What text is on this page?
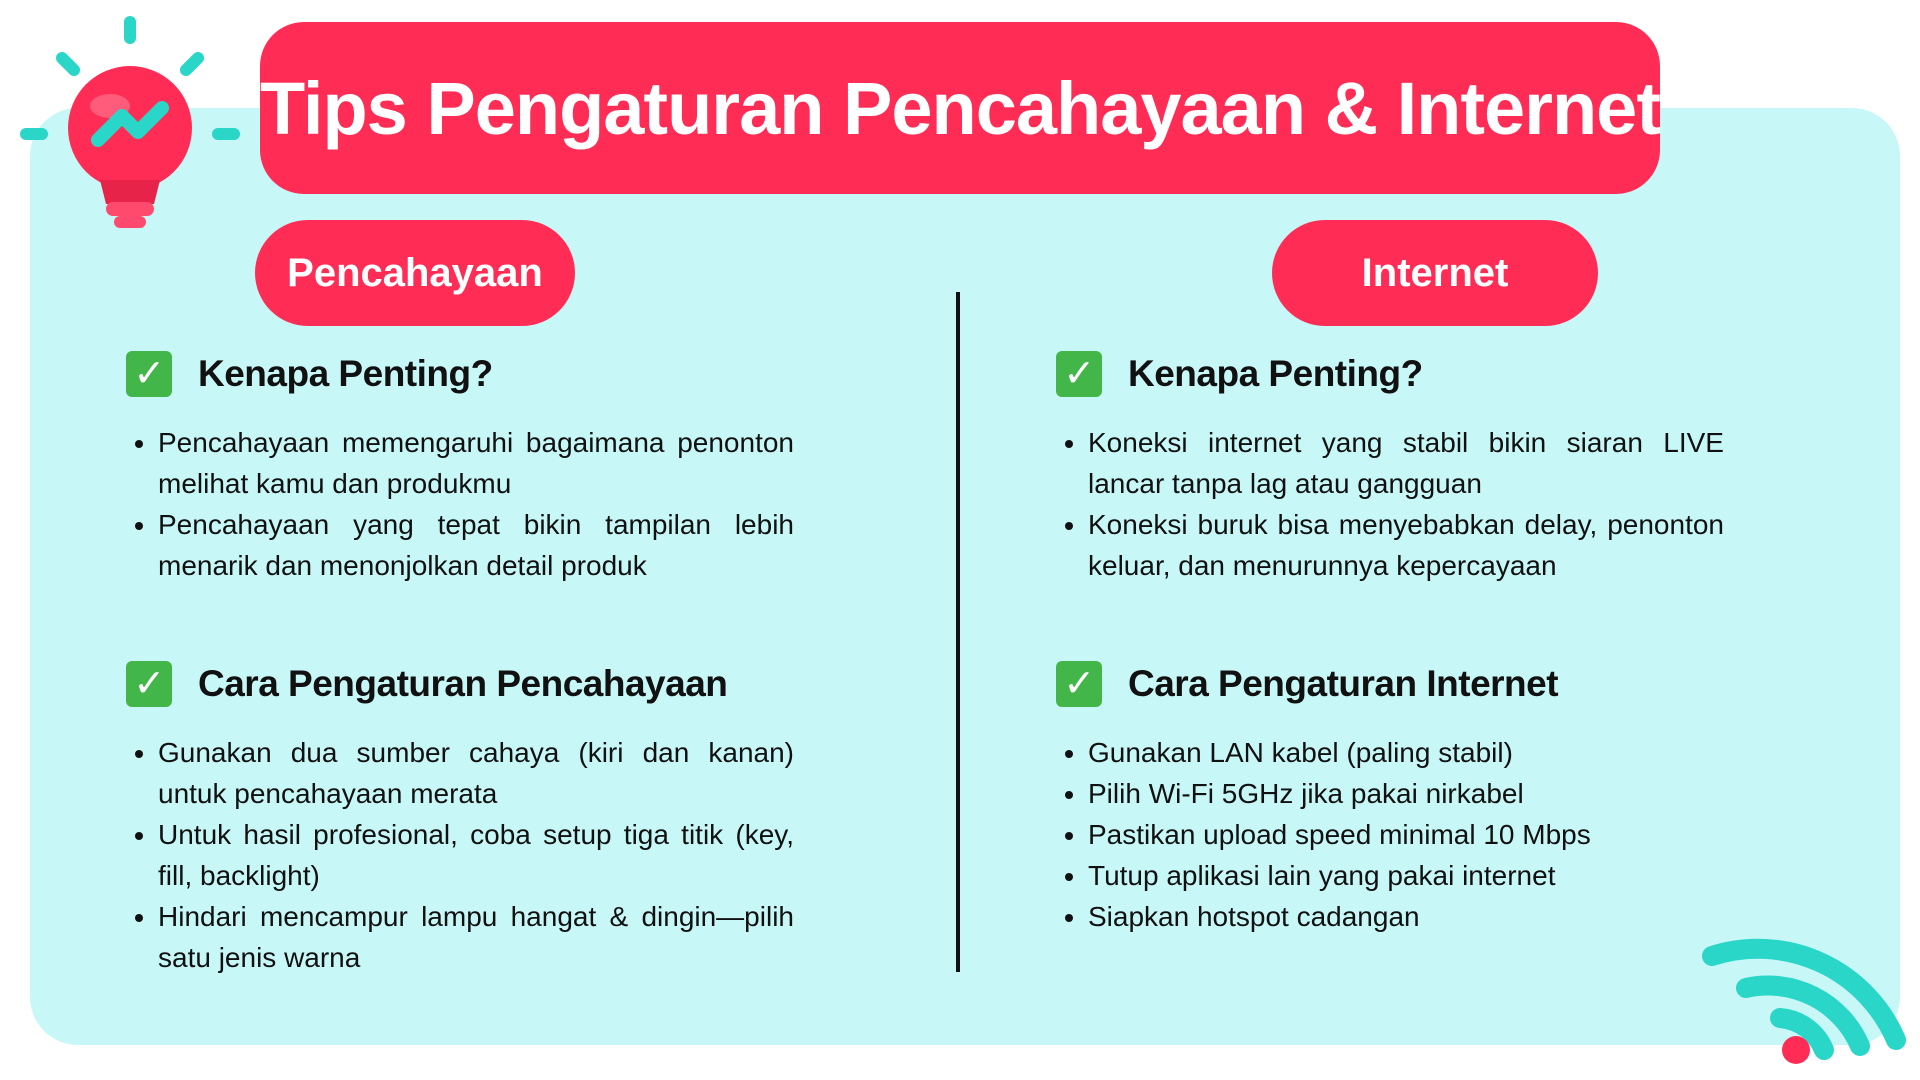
Tips Pengaturan Pencahayaan & Internet
Pencahayaan	Internet
✓ Kenapa Penting?
• Pencahayaan memengaruhi bagaimana penonton melihat kamu dan produkmu
• Pencahayaan yang tepat bikin tampilan lebih menarik dan menonjolkan detail produk
✓ Cara Pengaturan Pencahayaan
• Gunakan dua sumber cahaya (kiri dan kanan) untuk pencahayaan merata
• Untuk hasil profesional, coba setup tiga titik (key, fill, backlight)
• Hindari mencampur lampu hangat & dingin—pilih satu jenis warna
✓ Kenapa Penting?
• Koneksi internet yang stabil bikin siaran LIVE lancar tanpa lag atau gangguan
• Koneksi buruk bisa menyebabkan delay, penonton keluar, dan menurunnya kepercayaan
✓ Cara Pengaturan Internet
• Gunakan LAN kabel (paling stabil)
• Pilih Wi-Fi 5GHz jika pakai nirkabel
• Pastikan upload speed minimal 10 Mbps
• Tutup aplikasi lain yang pakai internet
• Siapkan hotspot cadangan
